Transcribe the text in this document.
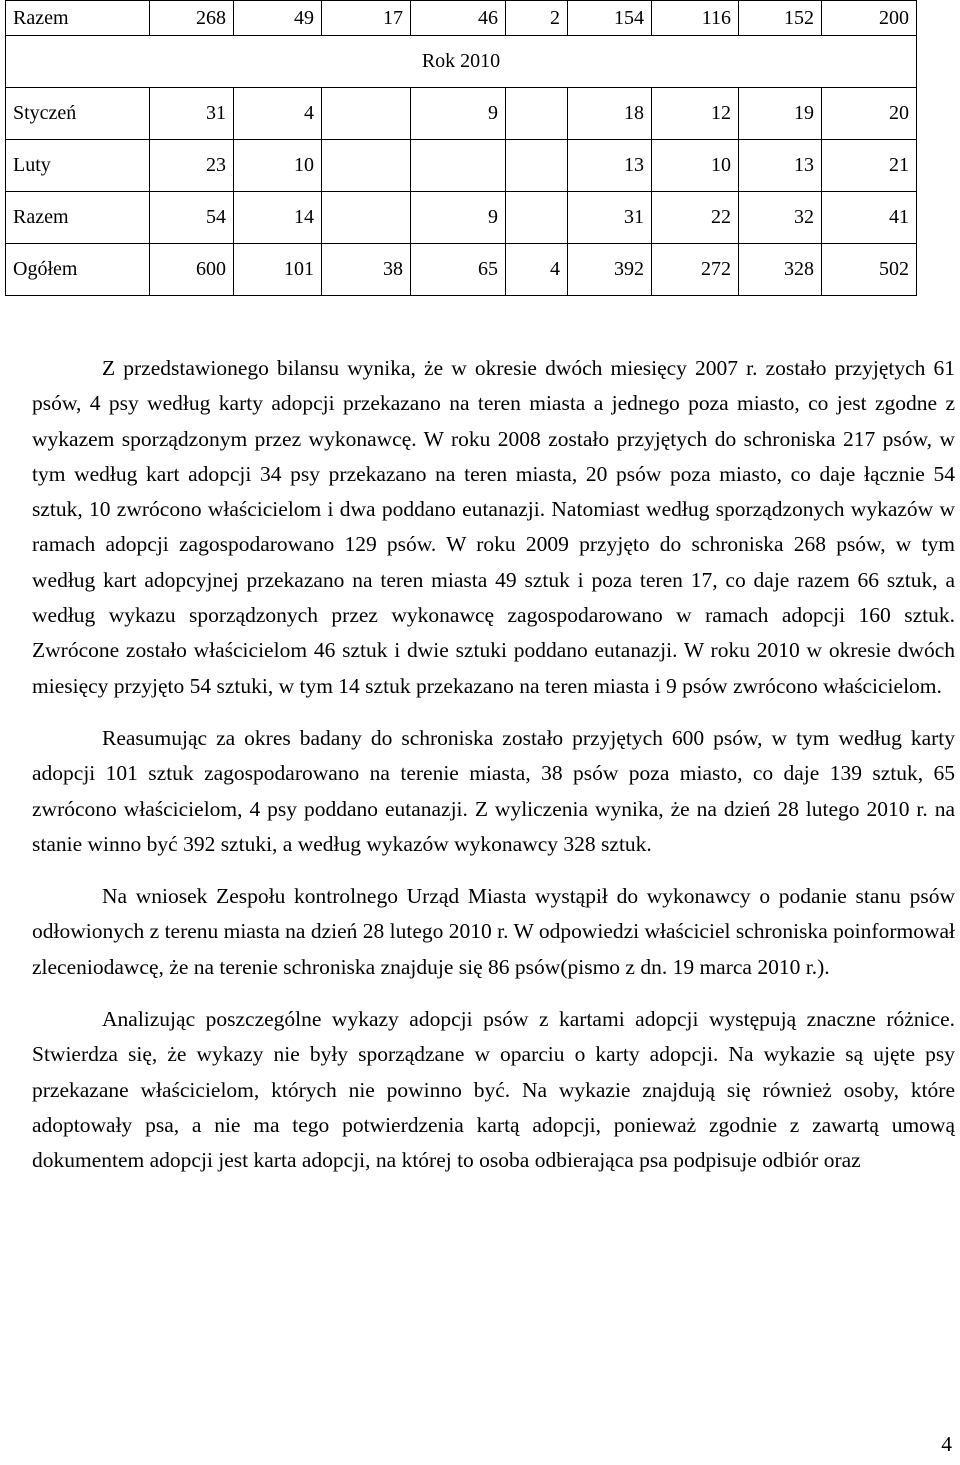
Razem	268	49	17	46	2	154	116	152	200
Rok 2010									
Styczeń	31	4		9		18	12	19	20
Luty	23	10				13	10	13	21
Razem	54	14		9		31	22	32	41
Ogółem	600	101	38	65	4	392	272	328	502

Z przedstawionego bilansu wynika, że w okresie dwóch miesięcy 2007 r. zostało przyjętych 61 psów, 4 psy według karty adopcji przekazano na teren miasta a jednego poza miasto, co jest zgodne z wykazem sporządzonym przez wykonawcę. W roku 2008 zostało przyjętych do schroniska 217 psów, w tym według kart adopcji 34 psy przekazano na teren miasta, 20 psów poza miasto, co daje łącznie 54 sztuk, 10 zwrócono właścicielom i dwa poddano eutanazji. Natomiast według sporządzonych wykazów w ramach adopcji zagospodarowano 129 psów. W roku 2009 przyjęto do schroniska 268 psów, w tym według kart adopcyjnej przekazano na teren miasta 49 sztuk i poza teren 17, co daje razem 66 sztuk, a według wykazu sporządzonych przez wykonawcę zagospodarowano w ramach adopcji 160 sztuk. Zwrócone zostało właścicielom 46 sztuk i dwie sztuki poddano eutanazji. W roku 2010 w okresie dwóch miesięcy przyjęto 54 sztuki, w tym 14 sztuk przekazano na teren miasta i 9 psów zwrócono właścicielom.

Reasumując za okres badany do schroniska zostało przyjętych 600 psów, w tym według karty adopcji 101 sztuk zagospodarowano na terenie miasta, 38 psów poza miasto, co daje 139 sztuk, 65 zwrócono właścicielom, 4 psy poddano eutanazji. Z wyliczenia wynika, że na dzień 28 lutego 2010 r. na stanie winno być 392 sztuki, a według wykazów wykonawcy 328 sztuk.

Na wniosek Zespołu kontrolnego Urząd Miasta wystąpił do wykonawcy o podanie stanu psów odłowionych z terenu miasta na dzień 28 lutego 2010 r. W odpowiedzi właściciel schroniska poinformował zleceniodawcę, że na terenie schroniska znajduje się 86 psów(pismo z dn. 19 marca 2010 r.).

Analizując poszczególne wykazy adopcji psów z kartami adopcji występują znaczne różnice. Stwierdza się, że wykazy nie były sporządzane w oparciu o karty adopcji. Na wykazie są ujęte psy przekazane właścicielom, których nie powinno być. Na wykazie znajdują się również osoby, które adoptowały psa, a nie ma tego potwierdzenia kartą adopcji, ponieważ zgodnie z zawartą umową dokumentem adopcji jest karta adopcji, na której to osoba odbierająca psa podpisuje odbiór oraz

4
